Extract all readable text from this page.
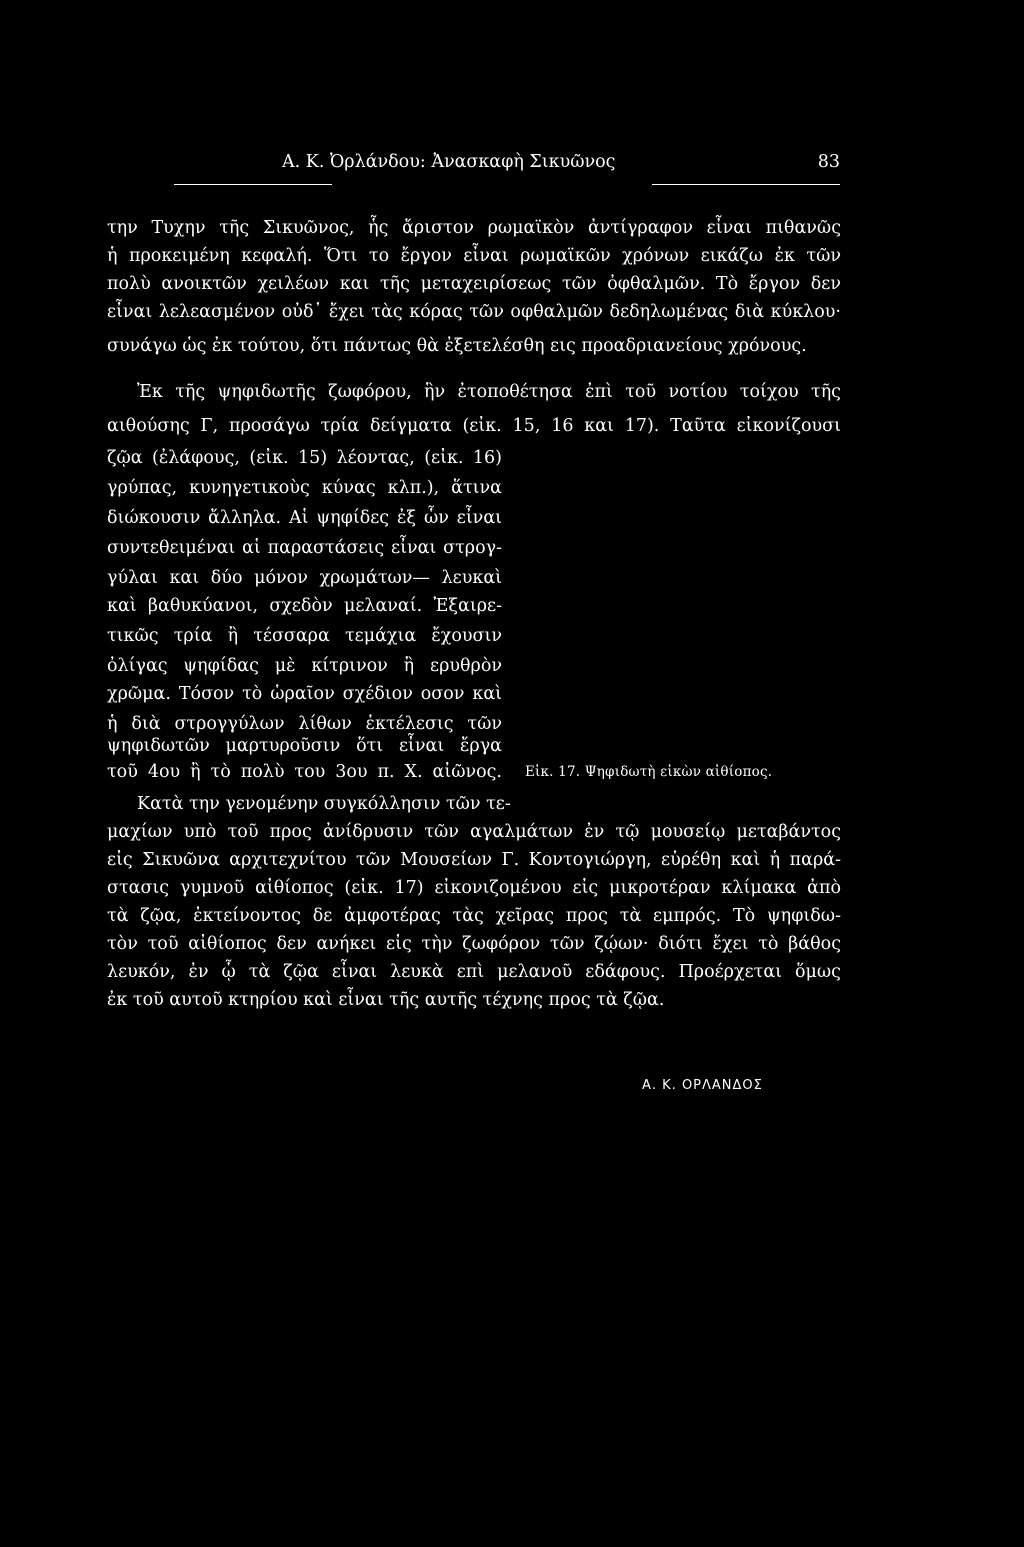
Α. Κ. Ὀρλάνδου: Ἀνασκαφὴ Σικυῶνος	83
την Τυχην τῆς Σικυῶνος, ἧς ἄριστον ρωμαϊκὸν ἀντίγραφον εἶναι πιθανῶς
ἡ προκειμένη κεφαλή. Ὅτι το ἔργον εἶναι ρωμαϊκῶν χρόνων εικάζω ἐκ τῶν
πολὺ ανοικτῶν χειλέων και τῆς μεταχειρίσεως τῶν ὀφθαλμῶν. Τὸ ἔργον δεν
εἶναι λελεασμένον οὐδ᾽ ἔχει τὰς κόρας τῶν οφθαλμῶν δεδηλωμένας διὰ κύκλου·
συνάγω ὡς ἐκ τούτου, ὅτι πάντως θὰ ἐξετελέσθη εις προαδριανείους χρόνους.
Ἐκ τῆς ψηφιδωτῆς ζωφόρου, ἣν ἐτοποθέτησα ἐπὶ τοῦ νοτίου τοίχου τῆς
αιθούσης Γ, προσάγω τρία δείγματα (εἰκ. 15, 16 και 17). Ταῦτα εἰκονίζουσι
ζῷα (ἐλάφους, (εἰκ. 15) λέοντας, (εἰκ. 16)
γρύπας, κυνηγετικοὺς κύνας κλπ.), ἅτινα
διώκουσιν ἄλληλα. Αἱ ψηφίδες ἐξ ὧν εἶναι
συντεθειμέναι αἱ παραστάσεις εἶναι στρογ-
γύλαι και δύο μόνον χρωμάτων— λευκαὶ
καὶ βαθυκύανοι, σχεδὸν μελαναί. Ἐξαιρε-
τικῶς τρία ἢ τέσσαρα τεμάχια ἔχουσιν
ὀλίγας ψηφίδας μὲ κίτρινον ἢ ερυθρὸν
χρῶμα. Τόσον τὸ ὡραῖον σχέδιον οσον καὶ
ἡ διὰ στρογγύλων λίθων ἐκτέλεσις τῶν
ψηφιδωτῶν μαρτυροῦσιν ὅτι εἶναι ἔργα
τοῦ 4ου ἢ τὸ πολὺ του 3ου π. Χ. αἰῶνος. Εἰκ. 17. Ψηφιδωτὴ εἰκὼν αἰθίοπος.
Κατὰ την γενομένην συγκόλλησιν τῶν τε-
μαχίων υπὸ τοῦ προς ἀνίδρυσιν τῶν αγαλμάτων ἐν τῷ μουσείῳ μεταβάντος
εἰς Σικυῶνα αρχιτεχνίτου τῶν Μουσείων Γ. Κοντογιώργη, εὑρέθη καὶ ἡ παρά-
στασις γυμνοῦ αἰθίοπος (εἰκ. 17) εἰκονιζομένου εἰς μικροτέραν κλίμακα ἀπὸ
τὰ ζῷα, ἐκτείνοντος δε ἀμφοτέρας τὰς χεῖρας προς τὰ εμπρός. Τὸ ψηφιδω-
τὸν τοῦ αἰθίοπος δεν ανήκει εἰς τὴν ζωφόρον τῶν ζῴων· διότι ἔχει τὸ βάθος
λευκόν, ἐν ᾧ τὰ ζῷα εἶναι λευκὰ επὶ μελανοῦ εδάφους. Προέρχεται ὅμως
ἐκ τοῦ αυτοῦ κτηρίου καὶ εἶναι τῆς αυτῆς τέχνης προς τὰ ζῷα.
Α. Κ. ΟΡΛΑΝΔΟΣ
